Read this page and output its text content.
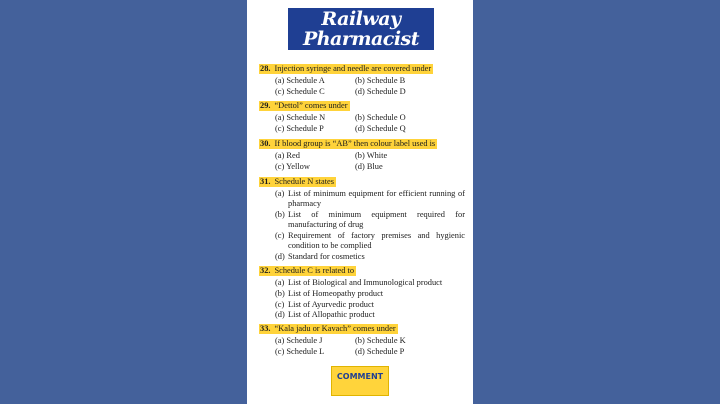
Railway
Pharmacist
28. Injection syringe and needle are covered under
(a) Schedule A	(b) Schedule B
(c) Schedule C	(d) Schedule D
29. “Dettol” comes under
(a) Schedule N	(b) Schedule O
(c) Schedule P	(d) Schedule Q
30. If blood group is “AB” then colour label used is
(a) Red	(b) White
(c) Yellow	(d) Blue
31. Schedule N states
(a) List of minimum equipment for efficient running of pharmacy
(b) List of minimum equipment required for manufacturing of drug
(c) Requirement of factory premises and hygienic condition to be complied
(d) Standard for cosmetics
32. Schedule C is related to
(a) List of Biological and Immunological product
(b) List of Homeopathy product
(c) List of Ayurvedic product
(d) List of Allopathic product
33. “Kala jadu or Kavach” comes under
(a) Schedule J	(b) Schedule K
(c) Schedule L	(d) Schedule P
COMMENT
